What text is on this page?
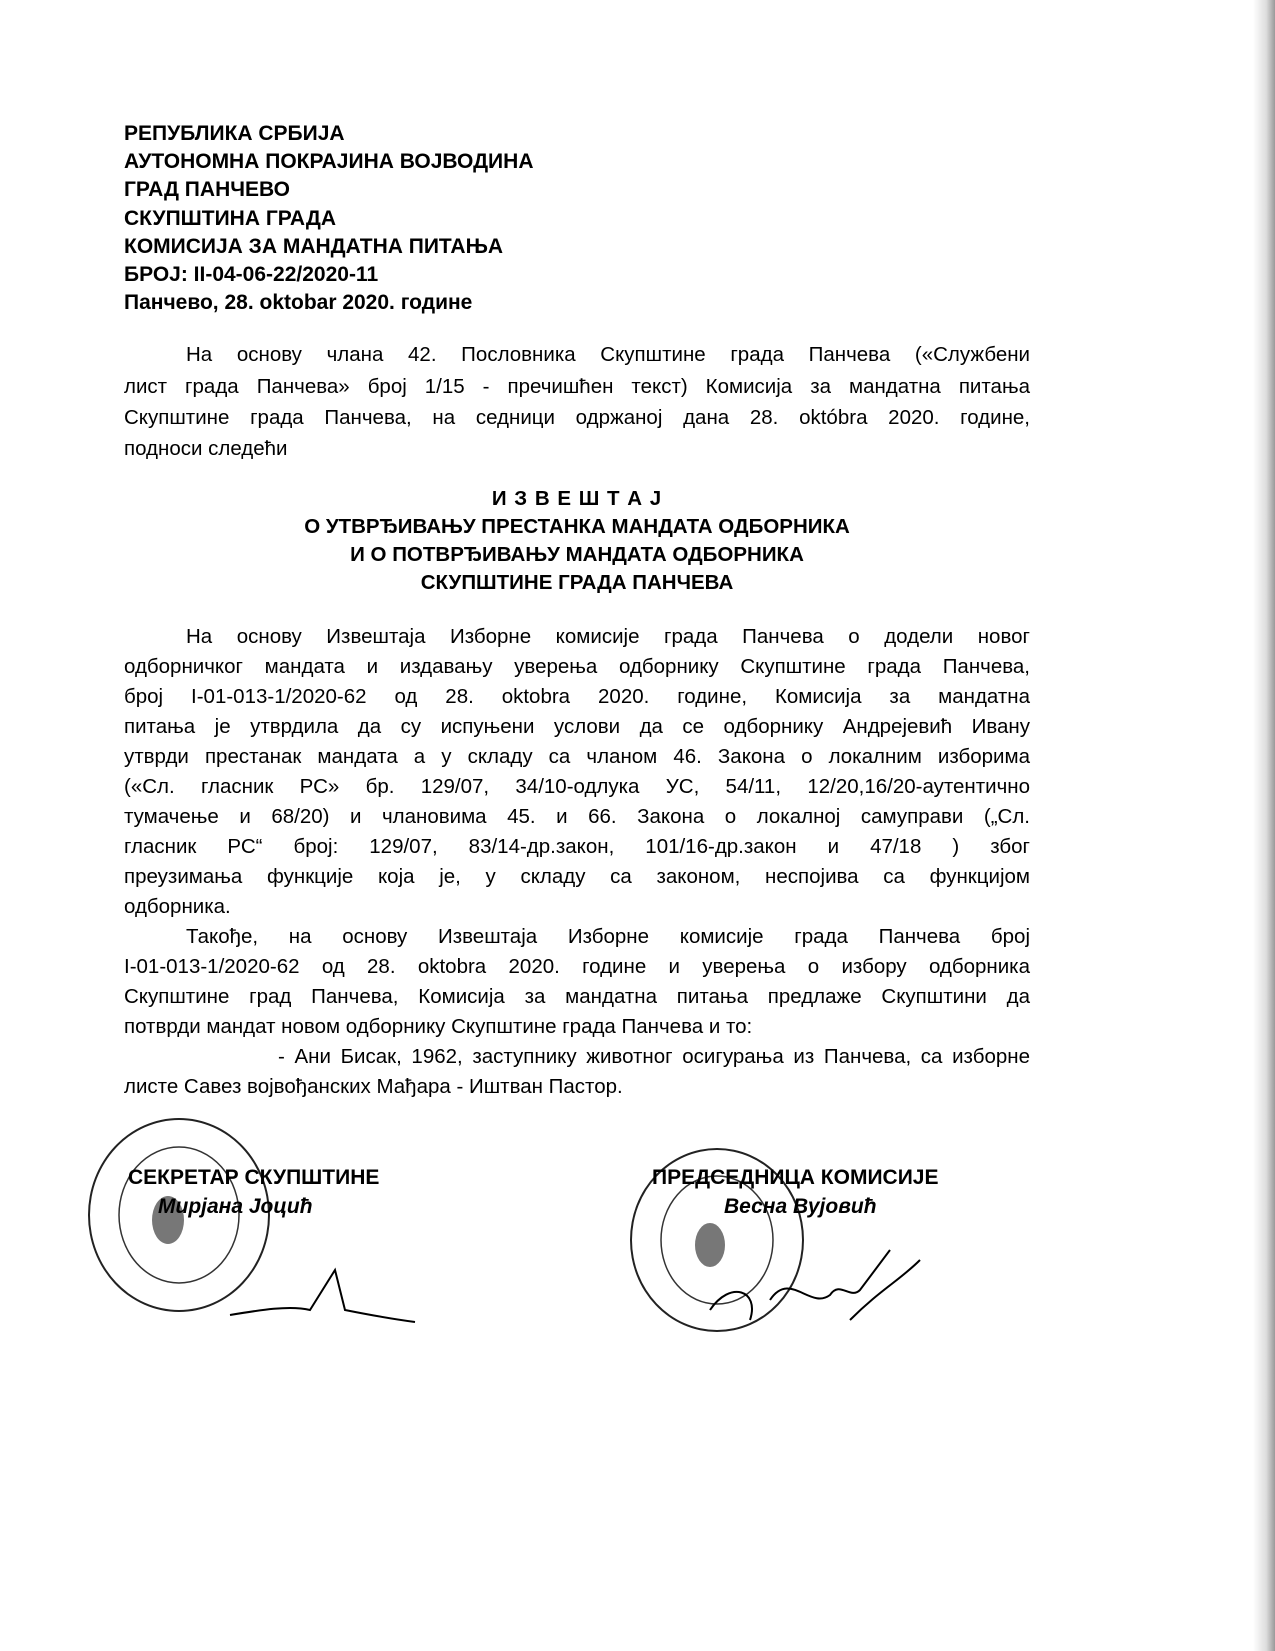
РЕПУБЛИКА СРБИЈА
АУТОНОМНА ПОКРАЈИНА ВОЈВОДИНА
ГРАД ПАНЧЕВО
СКУПШТИНА ГРАДА
КОМИСИЈА ЗА МАНДАТНА ПИТАЊА
БРОЈ: II-04-06-22/2020-11
Панчево, 28. oktobar 2020. године
На основу члана 42. Пословника Скупштине града Панчева («Службени
лист града Панчева» број 1/15 - пречишћен текст) Комисија за мандатна питања
Скупштине града Панчева, на седници одржаној дана 28. októbra 2020. године,
подноси следећи
И З В Е Ш Т А Ј
О УТВРЂИВАЊУ ПРЕСТАНКА МАНДАТА ОДБОРНИКА
И О ПОТВРЂИВАЊУ МАНДАТА ОДБОРНИКА
СКУПШТИНЕ ГРАДА ПАНЧЕВА
На основу Извештаја Изборне комисије града Панчева о додели новог
одборничког мандата и издавању уверења одборнику Скупштине града Панчева,
број I-01-013-1/2020-62 од 28. oktobra 2020. године, Комисија за мандатна
питања је утврдила да су испуњени услови да се одборнику Андрејевић Ивану
утврди престанак мандата а у складу са чланом 46. Закона о локалним изборима
(«Сл. гласник РС» бр. 129/07, 34/10-одлука УС, 54/11, 12/20,16/20-аутентично
тумачење и 68/20) и члановима 45. и 66. Закона о локалној самуправи („Сл.
гласник РС“ број: 129/07, 83/14-др.закон, 101/16-др.закон и 47/18 ) због
преузимања функције која је, у складу са законом, неспојива са функцијом
одборника.
Такође, на основу Извештаја Изборне комисије града Панчева број
I-01-013-1/2020-62 од 28. oktobra 2020. године и уверења о избору одборника
Скупштине град Панчева, Комисија за мандатна питања предлаже Скупштини да
потврди мандат новом одборнику Скупштине града Панчева и то:
- Ани Бисак, 1962, заступнику животног осигурања из Панчева, са изборне
листе Савез војвођанских Мађара - Иштван Пастор.
СЕКРЕТАР СКУПШТИНЕ
Мирјана Јоцић
ПРЕДСЕДНИЦА КОМИСИЈЕ
Весна Вујовић
